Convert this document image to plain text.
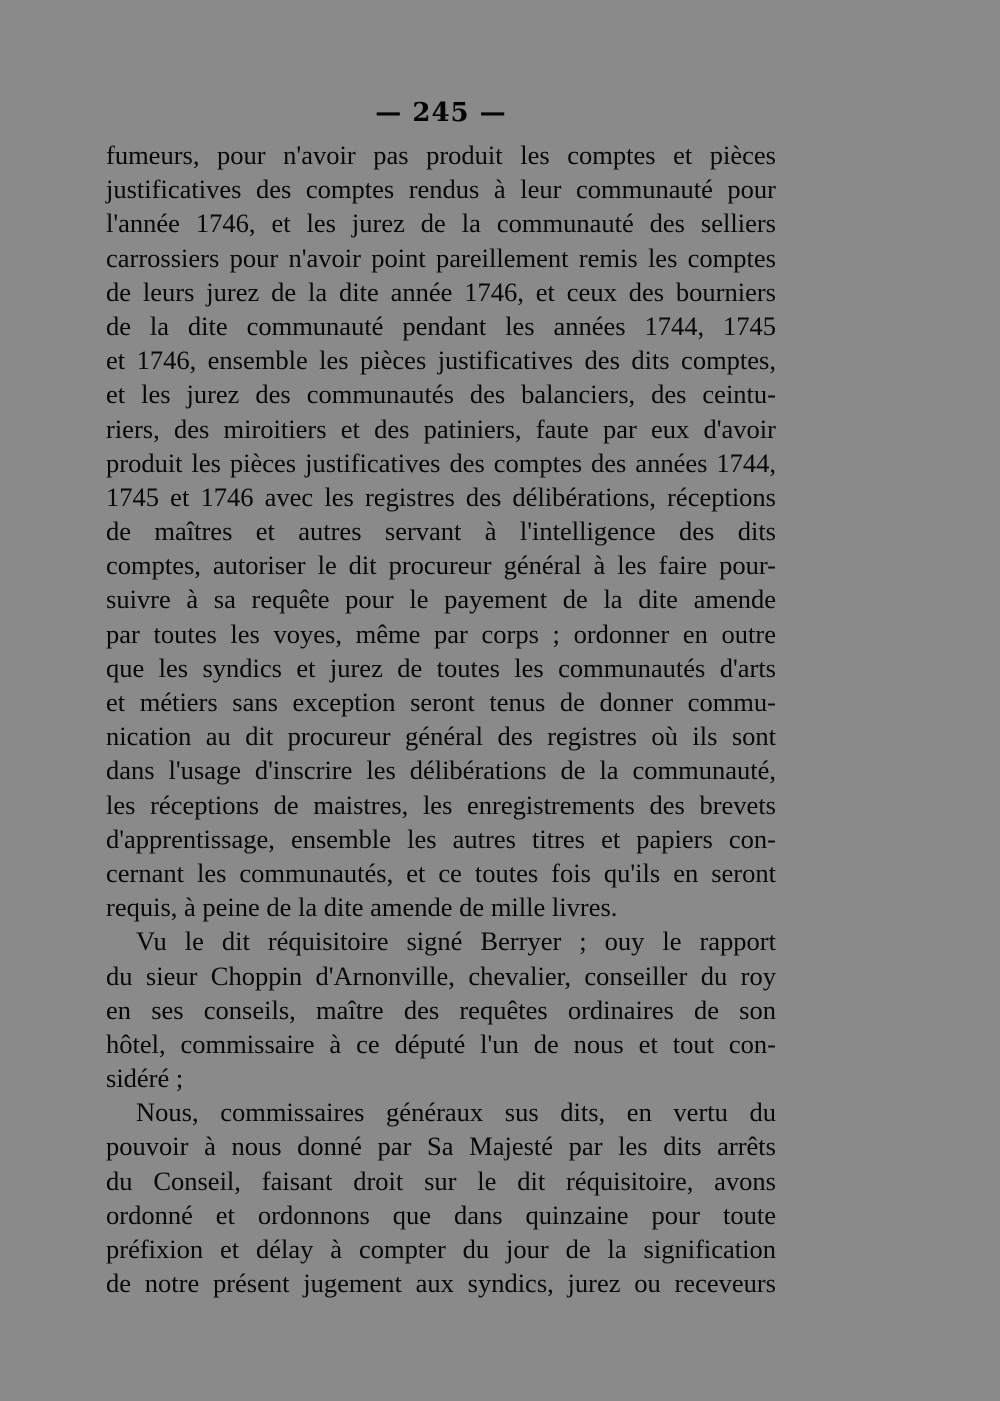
— 245 —
fumeurs, pour n'avoir pas produit les comptes et pièces
justificatives des comptes rendus à leur communauté pour
l'année 1746, et les jurez de la communauté des selliers
carrossiers pour n'avoir point pareillement remis les comptes
de leurs jurez de la dite année 1746, et ceux des bourniers
de la dite communauté pendant les années 1744, 1745
et 1746, ensemble les pièces justificatives des dits comptes,
et les jurez des communautés des balanciers, des ceintu-
riers, des miroitiers et des patiniers, faute par eux d'avoir
produit les pièces justificatives des comptes des années 1744,
1745 et 1746 avec les registres des délibérations, réceptions
de maîtres et autres servant à l'intelligence des dits
comptes, autoriser le dit procureur général à les faire pour-
suivre à sa requête pour le payement de la dite amende
par toutes les voyes, même par corps ; ordonner en outre
que les syndics et jurez de toutes les communautés d'arts
et métiers sans exception seront tenus de donner commu-
nication au dit procureur général des registres où ils sont
dans l'usage d'inscrire les délibérations de la communauté,
les réceptions de maistres, les enregistrements des brevets
d'apprentissage, ensemble les autres titres et papiers con-
cernant les communautés, et ce toutes fois qu'ils en seront
requis, à peine de la dite amende de mille livres.
Vu le dit réquisitoire signé Berryer ; ouy le rapport
du sieur Choppin d'Arnonville, chevalier, conseiller du roy
en ses conseils, maître des requêtes ordinaires de son
hôtel, commissaire à ce député l'un de nous et tout con-
sidéré ;
Nous, commissaires généraux sus dits, en vertu du
pouvoir à nous donné par Sa Majesté par les dits arrêts
du Conseil, faisant droit sur le dit réquisitoire, avons
ordonné et ordonnons que dans quinzaine pour toute
préfixion et délay à compter du jour de la signification
de notre présent jugement aux syndics, jurez ou receveurs
